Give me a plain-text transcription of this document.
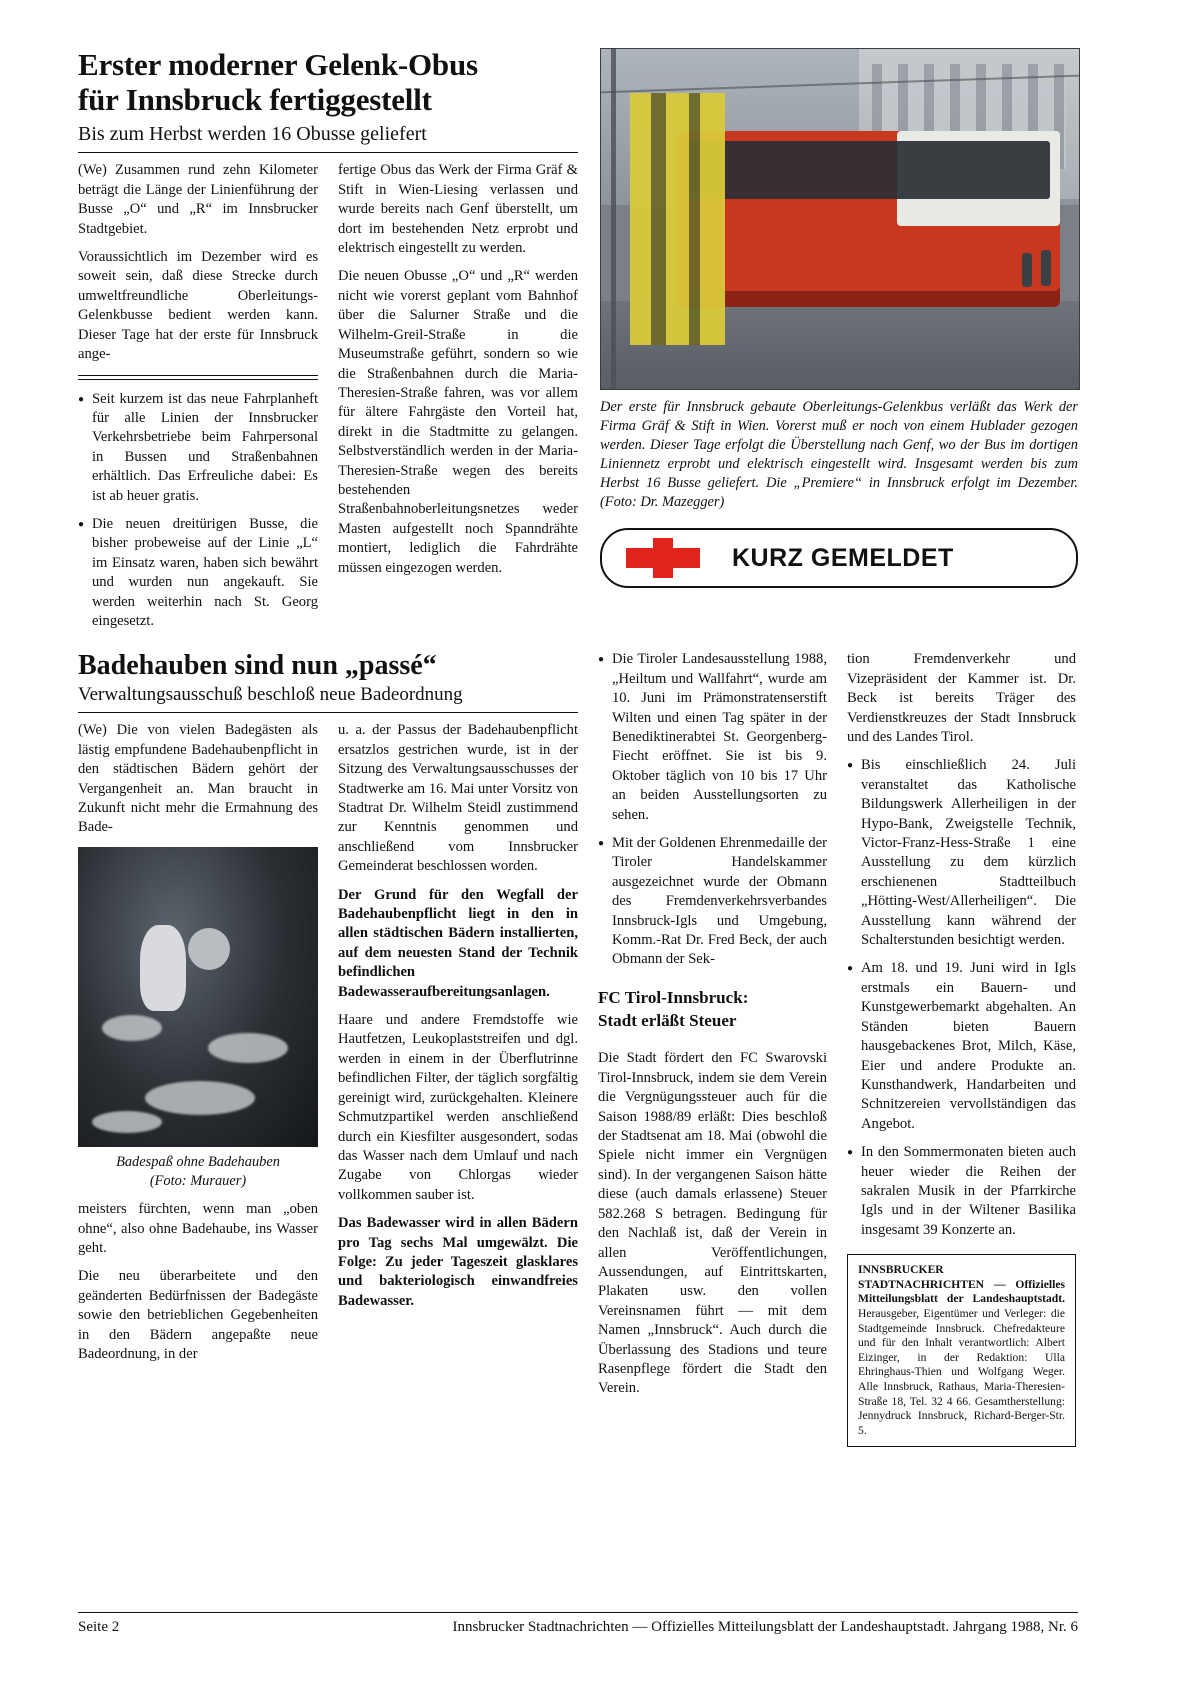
Erster moderner Gelenk-Obus
für Innsbruck fertiggestellt
Bis zum Herbst werden 16 Obusse geliefert

(We) Zusammen rund zehn Kilometer beträgt die Länge der Linienführung der Busse „O“ und „R“ im Innsbrucker Stadtgebiet.

Voraussichtlich im Dezember wird es soweit sein, daß diese Strecke durch umweltfreundliche Oberleitungs-Gelenkbusse bedient werden kann. Dieser Tage hat der erste für Innsbruck ange-

● Seit kurzem ist das neue Fahrplanheft für alle Linien der Innsbrucker Verkehrsbetriebe beim Fahrpersonal in Bussen und Straßenbahnen erhältlich. Das Erfreuliche dabei: Es ist ab heuer gratis.

● Die neuen dreitürigen Busse, die bisher probeweise auf der Linie „L“ im Einsatz waren, haben sich bewährt und wurden nun angekauft. Sie werden weiterhin nach St. Georg eingesetzt.

fertige Obus das Werk der Firma Gräf & Stift in Wien-Liesing verlassen und wurde bereits nach Genf überstellt, um dort im bestehenden Netz erprobt und elektrisch eingestellt zu werden.

Die neuen Obusse „O“ und „R“ werden nicht wie vorerst geplant vom Bahnhof über die Salurner Straße und die Wilhelm-Greil-Straße in die Museumstraße geführt, sondern so wie die Straßenbahnen durch die Maria-Theresien-Straße fahren, was vor allem für ältere Fahrgäste den Vorteil hat, direkt in die Stadtmitte zu gelangen. Selbstverständlich werden in der Maria-Theresien-Straße wegen des bereits bestehenden Straßenbahnoberleitungsnetzes weder Masten aufgestellt noch Spanndrähte montiert, lediglich die Fahrdrähte müssen eingezogen werden.

Der erste für Innsbruck gebaute Oberleitungs-Gelenkbus verläßt das Werk der Firma Gräf & Stift in Wien. Vorerst muß er noch von einem Hublader gezogen werden. Dieser Tage erfolgt die Überstellung nach Genf, wo der Bus im dortigen Liniennetz erprobt und elektrisch eingestellt wird. Insgesamt werden bis zum Herbst 16 Busse geliefert. Die „Premiere“ in Innsbruck erfolgt im Dezember. (Foto: Dr. Mazegger)

KURZ GEMELDET
Badehauben sind nun „passé“
Verwaltungsausschuß beschloß neue Badeordnung

(We) Die von vielen Badegästen als lästig empfundene Badehaubenpflicht in den städtischen Bädern gehört der Vergangenheit an. Man braucht in Zukunft nicht mehr die Ermahnung des Bade-

Badespaß ohne Badehauben
(Foto: Murauer)

meisters fürchten, wenn man „oben ohne“, also ohne Badehaube, ins Wasser geht.

Die neu überarbeitete und den geänderten Bedürfnissen der Badegäste sowie den betrieblichen Gegebenheiten in den Bädern angepaßte neue Badeordnung, in der

u. a. der Passus der Badehaubenpflicht ersatzlos gestrichen wurde, ist in der Sitzung des Verwaltungsausschusses der Stadtwerke am 16. Mai unter Vorsitz von Stadtrat Dr. Wilhelm Steidl zustimmend zur Kenntnis genommen und anschließend vom Innsbrucker Gemeinderat beschlossen worden.

Der Grund für den Wegfall der Badehaubenpflicht liegt in den in allen städtischen Bädern installierten, auf dem neuesten Stand der Technik befindlichen Badewasseraufbereitungsanlagen.

Haare und andere Fremdstoffe wie Hautfetzen, Leukoplaststreifen und dgl. werden in einem in der Überflutrinne befindlichen Filter, der täglich sorgfältig gereinigt wird, zurückgehalten. Kleinere Schmutzpartikel werden anschließend durch ein Kiesfilter ausgesondert, sodas das Wasser nach dem Umlauf und nach Zugabe von Chlorgas wieder vollkommen sauber ist.

Das Badewasser wird in allen Bädern pro Tag sechs Mal umgewälzt. Die Folge: Zu jeder Tageszeit glasklares und bakteriologisch einwandfreies Badewasser.

● Die Tiroler Landesausstellung 1988, „Heiltum und Wallfahrt“, wurde am 10. Juni im Prämonstratenserstift Wilten und einen Tag später in der Benediktinerabtei St. Georgenberg-Fiecht eröffnet. Sie ist bis 9. Oktober täglich von 10 bis 17 Uhr an beiden Ausstellungsorten zu sehen.

● Mit der Goldenen Ehrenmedaille der Tiroler Handelskammer ausgezeichnet wurde der Obmann des Fremdenverkehrsverbandes Innsbruck-Igls und Umgebung, Komm.-Rat Dr. Fred Beck, der auch Obmann der Sek-

FC Tirol-Innsbruck:
Stadt erläßt Steuer

Die Stadt fördert den FC Swarovski Tirol-Innsbruck, indem sie dem Verein die Vergnügungssteuer auch für die Saison 1988/89 erläßt: Dies beschloß der Stadtsenat am 18. Mai (obwohl die Spiele nicht immer ein Vergnügen sind). In der vergangenen Saison hätte diese (auch damals erlassene) Steuer 582.268 S betragen. Bedingung für den Nachlaß ist, daß der Verein in allen Veröffentlichungen, Aussendungen, auf Eintrittskarten, Plakaten usw. den vollen Vereinsnamen führt — mit dem Namen „Innsbruck“. Auch durch die Überlassung des Stadions und teure Rasenpflege fördert die Stadt den Verein.

tion Fremdenverkehr und Vizepräsident der Kammer ist. Dr. Beck ist bereits Träger des Verdienstkreuzes der Stadt Innsbruck und des Landes Tirol.

● Bis einschließlich 24. Juli veranstaltet das Katholische Bildungswerk Allerheiligen in der Hypo-Bank, Zweigstelle Technik, Victor-Franz-Hess-Straße 1 eine Ausstellung zu dem kürzlich erschienenen Stadtteilbuch „Hötting-West/Allerheiligen“. Die Ausstellung kann während der Schalterstunden besichtigt werden.

● Am 18. und 19. Juni wird in Igls erstmals ein Bauern- und Kunstgewerbemarkt abgehalten. An Ständen bieten Bauern hausgebackenes Brot, Milch, Käse, Eier und andere Produkte an. Kunsthandwerk, Handarbeiten und Schnitzereien vervollständigen das Angebot.

● In den Sommermonaten bieten auch heuer wieder die Reihen der sakralen Musik in der Pfarrkirche Igls und in der Wiltener Basilika insgesamt 39 Konzerte an.

INNSBRUCKER STADTNACHRICHTEN — Offizielles Mitteilungsblatt der Landeshauptstadt. Herausgeber, Eigentümer und Verleger: die Stadtgemeinde Innsbruck. Chefredakteure und für den Inhalt verantwortlich: Albert Eizinger, in der Redaktion: Ulla Ehringhaus-Thien und Wolfgang Weger. Alle Innsbruck, Rathaus, Maria-Theresien-Straße 18, Tel. 32 4 66. Gesamtherstellung: Jennydruck Innsbruck, Richard-Berger-Str. 5.
Seite 2	Innsbrucker Stadtnachrichten — Offizielles Mitteilungsblatt der Landeshauptstadt. Jahrgang 1988, Nr. 6
